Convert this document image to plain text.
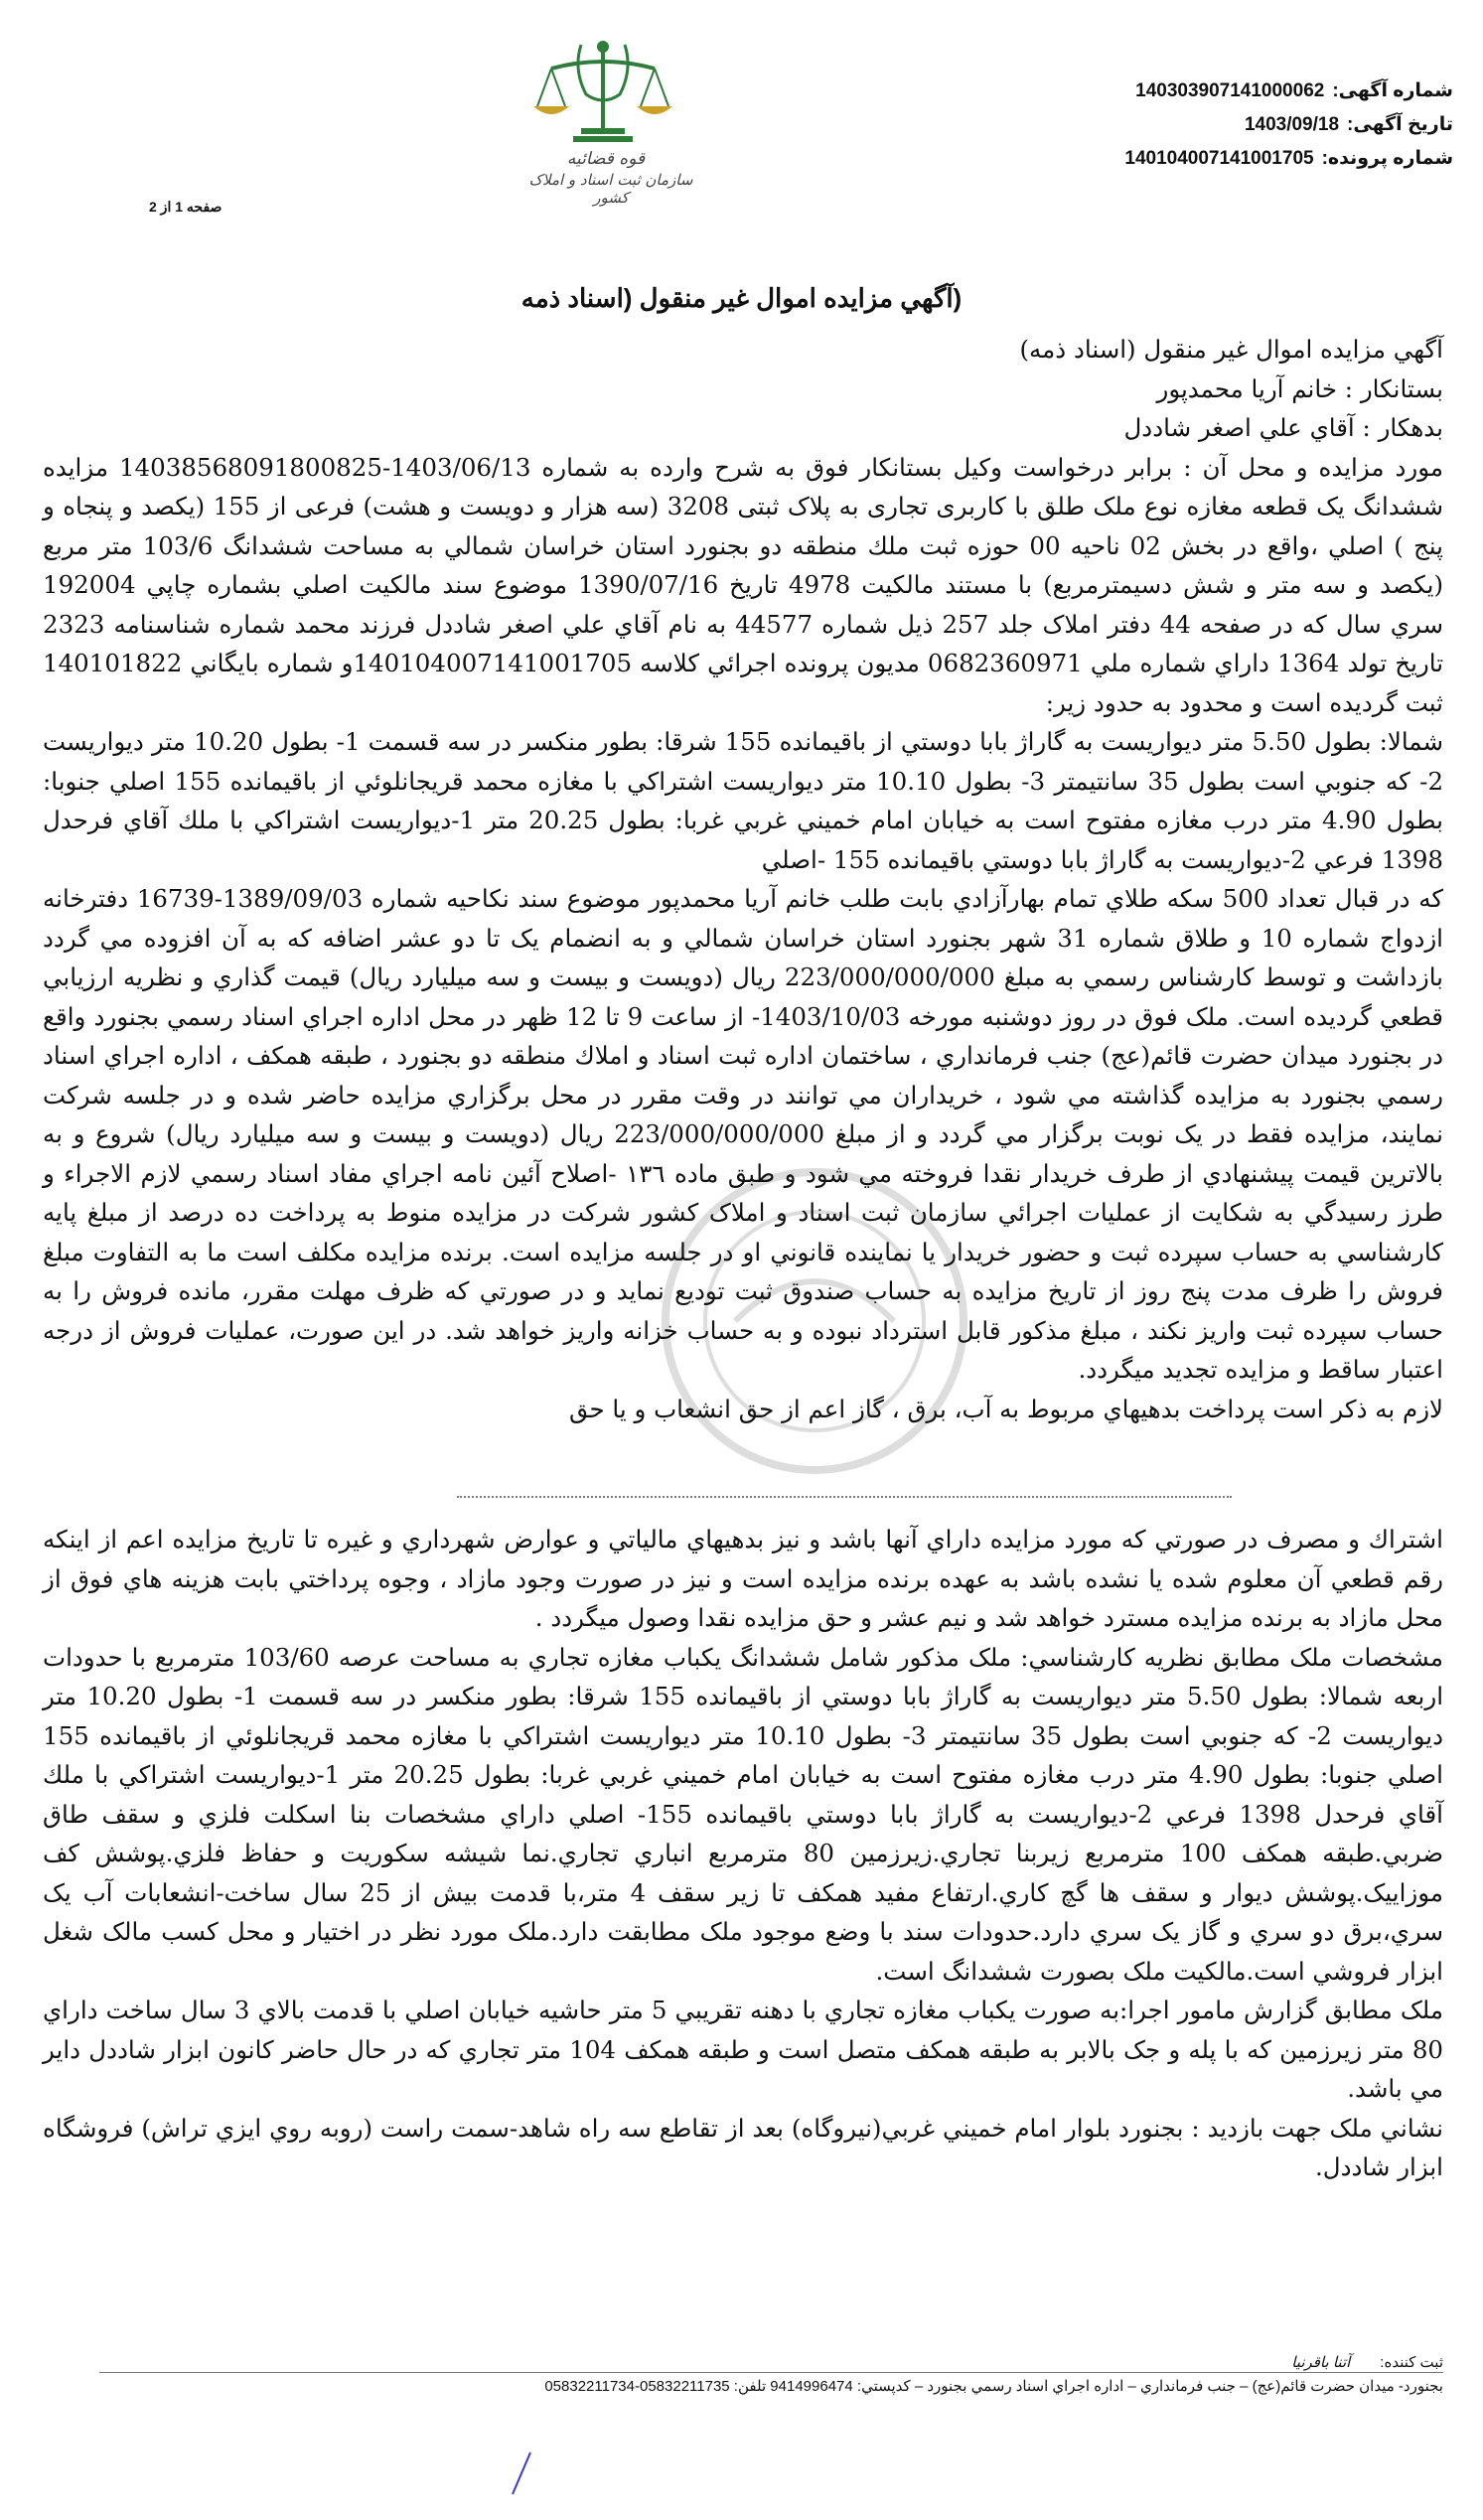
قوه قضائیه
سازمان ثبت اسناد و املاک کشور
شماره آگهی:140303907141000062
تاریخ آگهی:1403/09/18
شماره پرونده:140104007141001705
صفحه 1 از 2
(آگهي مزايده اموال غير منقول (اسناد ذمه

آگهي مزايده اموال غير منقول (اسناد ذمه)

بستانکار : خانم آريا محمدپور

بدهکار : آقاي علي اصغر شاددل

مورد مزايده و محل آن : برابر درخواست وکيل بستانکار فوق به شرح وارده به شماره 1403/06/13-14038568091800825 مزايده ششدانگ يک قطعه مغازه نوع ملک طلق با کاربری تجاری به پلاک ثبتی 3208 (سه هزار و دويست و هشت) فرعی از 155 (يکصد و پنجاه و پنج ) اصلي ،واقع در بخش 02 ناحيه 00 حوزه ثبت ملك منطقه دو بجنورد استان خراسان شمالي به مساحت ششدانگ 103/6 متر مربع (يکصد و سه متر و شش دسيمترمربع) با مستند مالکيت 4978 تاريخ 1390/07/16 موضوع سند مالکيت اصلي بشماره چاپي 192004 سري سال که در صفحه 44 دفتر املاک جلد 257 ذيل شماره 44577 به نام آقاي علي اصغر شاددل فرزند محمد شماره شناسنامه 2323 تاريخ تولد 1364 داراي شماره ملي 0682360971 مديون پرونده اجرائي كلاسه 140104007141001705و شماره بايگاني 140101822 ثبت گرديده است و محدود به حدود زير:

شمالا: بطول 5.50 متر ديواريست به گاراژ بابا دوستي از باقيمانده 155 شرقا: بطور منكسر در سه قسمت 1- بطول 10.20 متر ديواريست 2- كه جنوبي است بطول 35 سانتيمتر 3- بطول 10.10 متر ديواريست اشتراكي با مغازه محمد قريجانلوئي از باقيمانده 155 اصلي جنوبا: بطول 4.90 متر درب مغازه مفتوح است به خيابان امام خميني غربي غربا: بطول 20.25 متر 1-ديواريست اشتراكي با ملك آقاي فرحدل 1398 فرعي 2-ديواريست به گاراژ بابا دوستي باقيمانده 155 -اصلي

که در قبال تعداد 500 سکه طلاي تمام بهارآزادي بابت طلب خانم آريا محمدپور موضوع سند نکاحيه شماره 1389/09/03-16739 دفترخانه ازدواج شماره 10 و طلاق شماره 31 شهر بجنورد استان خراسان شمالي و به انضمام يک تا دو عشر اضافه كه به آن افزوده مي گردد بازداشت و توسط كارشناس رسمي به مبلغ 223/000/000/000 ريال (دويست و بيست و سه ميليارد ريال) قيمت گذاري و نظريه ارزيابي قطعي گرديده است. ملک فوق در روز دوشنبه مورخه 1403/10/03- از ساعت 9 تا 12 ظهر در محل اداره اجراي اسناد رسمي بجنورد واقع در بجنورد ميدان حضرت قائم(عج) جنب فرمانداري ، ساختمان اداره ثبت اسناد و املاك منطقه دو بجنورد ، طبقه همكف ، اداره اجراي اسناد رسمي بجنورد به مزايده گذاشته مي شود ، خريداران مي توانند در وقت مقرر در محل برگزاري مزايده حاضر شده و در جلسه شركت نمايند، مزايده فقط در يک نوبت برگزار مي گردد و از مبلغ 223/000/000/000 ريال (دويست و بيست و سه ميليارد ريال) شروع و به بالاترين قيمت پيشنهادي از طرف خريدار نقدا فروخته مي شود و طبق ماده ١٣٦ -اصلاح آئين نامه اجراي مفاد اسناد رسمي لازم الاجراء و طرز رسيدگي به شكايت از عمليات اجرائي سازمان ثبت اسناد و املاک کشور شركت در مزايده منوط به پرداخت ده درصد از مبلغ پايه كارشناسي به حساب سپرده ثبت و حضور خريدار يا نماينده قانوني او در جلسه مزايده است. برنده مزايده مكلف است ما به التفاوت مبلغ فروش را ظرف مدت پنج روز از تاريخ مزايده به حساب صندوق ثبت توديع نمايد و در صورتي كه ظرف مهلت مقرر، مانده فروش را به حساب سپرده ثبت واريز نكند ، مبلغ مذكور قابل استرداد نبوده و به حساب خزانه واريز خواهد شد. در اين صورت، عمليات فروش از درجه اعتبار ساقط و مزايده تجديد ميگردد.

لازم به ذكر است پرداخت بدهيهاي مربوط به آب، برق ، گاز اعم از حق انشعاب و يا حق

اشتراك و مصرف در صورتي كه مورد مزايده داراي آنها باشد و نيز بدهيهاي مالياتي و عوارض شهرداري و غيره تا تاريخ مزايده اعم از اينكه رقم قطعي آن معلوم شده يا نشده باشد به عهده برنده مزايده است و نيز در صورت وجود مازاد ، وجوه پرداختي بابت هزينه هاي فوق از محل مازاد به برنده مزايده مسترد خواهد شد و نيم عشر و حق مزايده نقدا وصول ميگردد .

مشخصات ملک مطابق نظريه کارشناسي: ملک مذکور شامل ششدانگ يکباب مغازه تجاري به مساحت عرصه 103/60 مترمربع با حدودات اربعه شمالا: بطول 5.50 متر ديواريست به گاراژ بابا دوستي از باقيمانده 155 شرقا: بطور منكسر در سه قسمت 1- بطول 10.20 متر ديواريست 2- كه جنوبي است بطول 35 سانتيمتر 3- بطول 10.10 متر ديواريست اشتراكي با مغازه محمد قريجانلوئي از باقيمانده 155 اصلي جنوبا: بطول 4.90 متر درب مغازه مفتوح است به خيابان امام خميني غربي غربا: بطول 20.25 متر 1-ديواريست اشتراكي با ملك آقاي فرحدل 1398 فرعي 2-ديواريست به گاراژ بابا دوستي باقيمانده 155- اصلي داراي مشخصات بنا اسكلت فلزي و سقف طاق ضربي.طبقه همكف 100 مترمربع زيربنا تجاري.زيرزمين 80 مترمربع انباري تجاري.نما شيشه سكوريت و حفاظ فلزي.پوشش كف موزاييک.پوشش ديوار و سقف ها گچ كاري.ارتفاع مفيد همكف تا زير سقف 4 متر،با قدمت بيش از 25 سال ساخت-انشعابات آب يک سري،برق دو سري و گاز يک سري دارد.حدودات سند با وضع موجود ملک مطابقت دارد.ملک مورد نظر در اختيار و محل كسب مالک شغل ابزار فروشي است.مالكيت ملک بصورت ششدانگ است.

ملک مطابق گزارش مامور اجرا:به صورت يکباب مغازه تجاري با دهنه تقريبي 5 متر حاشيه خيابان اصلي با قدمت بالاي 3 سال ساخت داراي 80 متر زيرزمين كه با پله و جک بالابر به طبقه همكف متصل است و طبقه همكف 104 متر تجاري كه در حال حاضر كانون ابزار شاددل داير مي باشد.

نشاني ملک جهت بازديد : بجنورد بلوار امام خميني غربي(نيروگاه) بعد از تقاطع سه راه شاهد-سمت راست (روبه روي ايزي تراش) فروشگاه ابزار شاددل.

ثبت کننده:آتنا باقرنیا
بجنورد- میدان حضرت قائم(عج) – جنب فرمانداري – اداره اجراي اسناد رسمي بجنورد – کدپستي: 9414996474 تلفن: 05832211735-05832211734
